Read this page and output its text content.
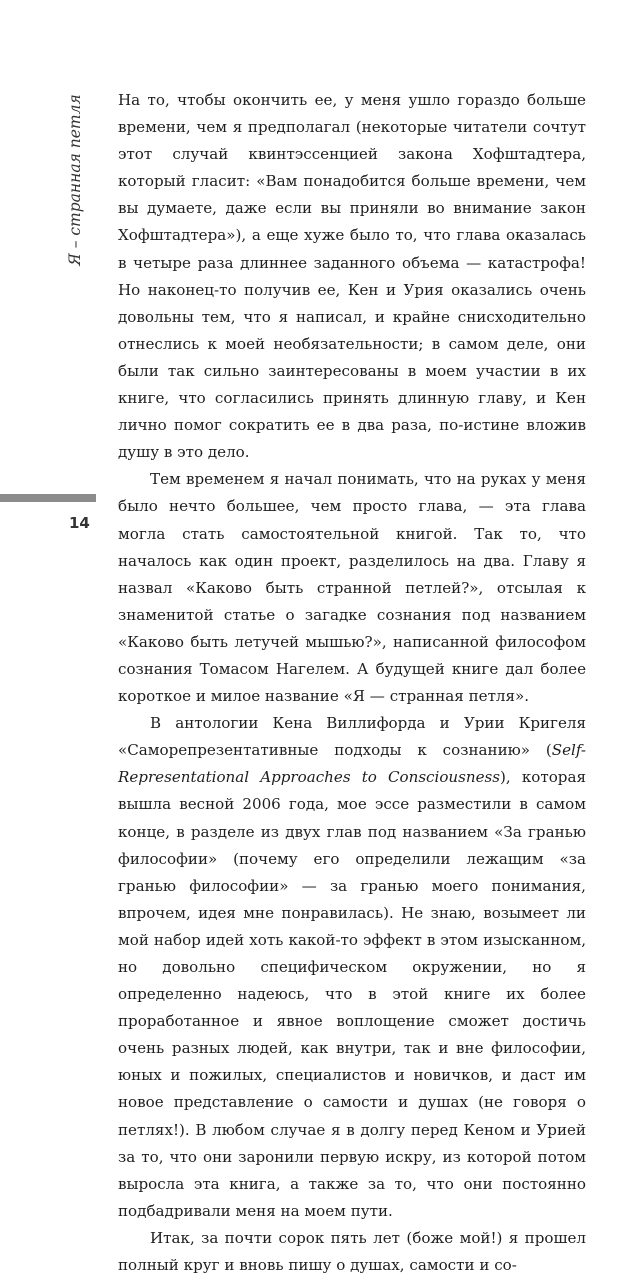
Я – странная петля
14

На то, чтобы окончить ее, у меня ушло гораздо больше времени, чем я предполагал (некоторые читатели сочтут этот случай квинтэссенцией закона Хофштадтера, который гласит: «Вам понадобится больше времени, чем вы думаете, даже если вы приняли во внимание закон Хофштадтера»), а еще хуже было то, что глава оказалась в четыре раза длиннее заданного объема — катастрофа! Но наконец-то получив ее, Кен и Урия оказались очень довольны тем, что я написал, и крайне снисходительно отнеслись к моей необязательности; в самом деле, они были так сильно заинтересованы в моем участии в их книге, что согласились принять длинную главу, и Кен лично помог сократить ее в два раза, по-истине вложив душу в это дело.

Тем временем я начал понимать, что на руках у меня было нечто большее, чем просто глава, — эта глава могла стать самостоятельной книгой. Так то, что началось как один проект, разделилось на два. Главу я назвал «Каково быть странной петлей?», отсылая к знаменитой статье о загадке сознания под названием «Каково быть летучей мышью?», написанной философом сознания Томасом Нагелем. А будущей книге дал более короткое и милое название «Я — странная петля».

В антологии Кена Виллифорда и Урии Кригеля «Саморепрезентативные подходы к сознанию» (Self-Representational Approaches to Consciousness), которая вышла весной 2006 года, мое эссе разместили в самом конце, в разделе из двух глав под названием «За гранью философии» (почему его определили лежащим «за гранью философии» — за гранью моего понимания, впрочем, идея мне понравилась). Не знаю, возымеет ли мой набор идей хоть какой-то эффект в этом изысканном, но довольно специфическом окружении, но я определенно надеюсь, что в этой книге их более проработанное и явное воплощение сможет достичь очень разных людей, как внутри, так и вне философии, юных и пожилых, специалистов и новичков, и даст им новое представление о самости и душах (не говоря о петлях!). В любом случае я в долгу перед Кеном и Урией за то, что они заронили первую искру, из которой потом выросла эта книга, а также за то, что они постоянно подбадривали меня на моем пути.

Итак, за почти сорок пять лет (боже мой!) я прошел полный круг и вновь пишу о душах, самости и со-
